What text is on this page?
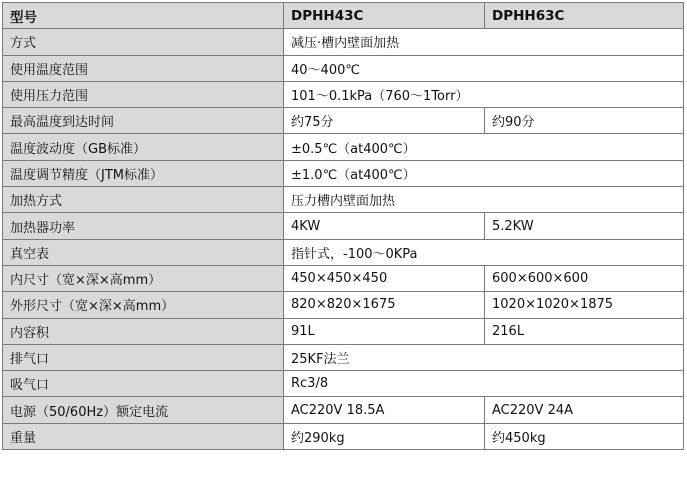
型号	DPHH43C	DPHH63C
方式	减压·槽内壁面加热	
使用温度范围	40～400℃	
使用压力范围	101～0.1kPa（760～1Torr）	
最高温度到达时间	约75分	约90分
温度波动度（GB标准）	±0.5℃（at400℃）	
温度调节精度（JTM标准）	±1.0℃（at400℃）	
加热方式	压力槽内壁面加热	
加热器功率	4KW	5.2KW
真空表	指针式，-100～0KPa	
内尺寸（宽×深×高mm）	450×450×450	600×600×600
外形尺寸（宽×深×高mm）	820×820×1675	1020×1020×1875
内容积	91L	216L
排气口	25KF法兰	
吸气口	Rc3/8	
电源（50/60Hz）额定电流	AC220V 18.5A	AC220V 24A
重量	约290kg	约450kg
